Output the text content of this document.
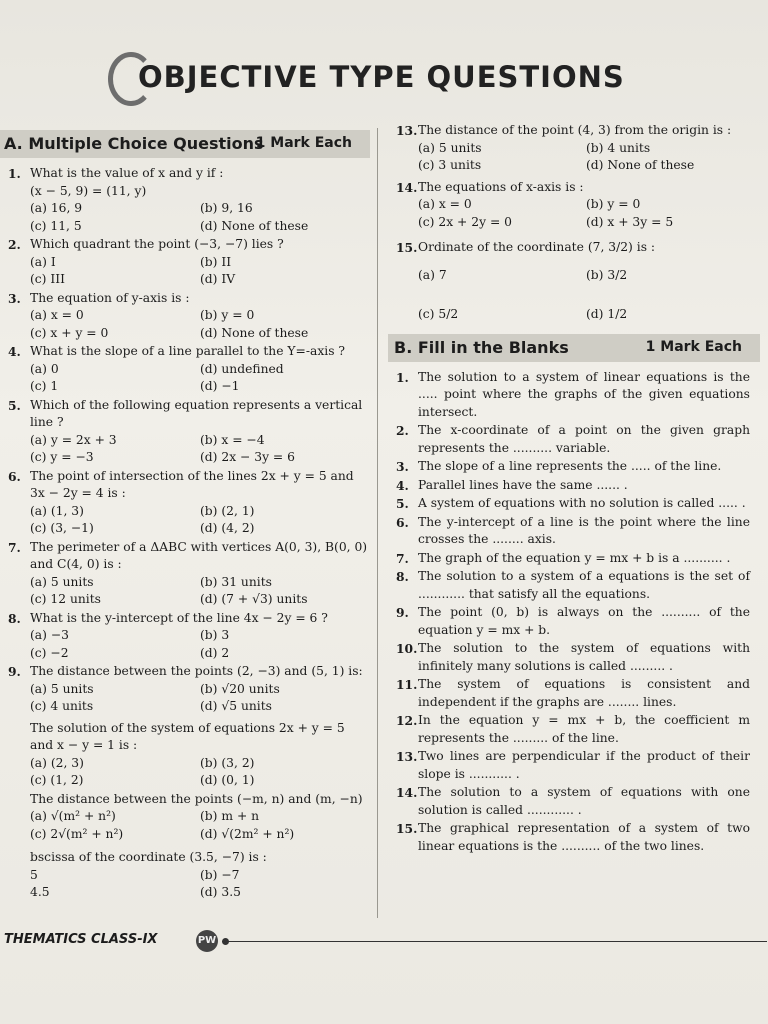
OBJECTIVE TYPE QUESTIONS
A. Multiple Choice Questions
1 Mark Each
1. What is the value of x and y if :
(x − 5, 9) = (11, y)
(a) 16, 9	(b) 9, 16
(c) 11, 5	(d) None of these
2. Which quadrant the point (−3, −7) lies ?
(a) I	(b) II
(c) III	(d) IV
3. The equation of y-axis is :
(a) x = 0	(b) y = 0
(c) x + y = 0	(d) None of these
4. What is the slope of a line parallel to the Y=-axis ?
(a) 0	(d) undefined
(c) 1	(d) −1
5. Which of the following equation represents a vertical line ?
(a) y = 2x + 3	(b) x = −4
(c) y = −3	(d) 2x − 3y = 6
6. The point of intersection of the lines 2x + y = 5 and 3x − 2y = 4 is :
(a) (1, 3)	(b) (2, 1)
(c) (3, −1)	(d) (4, 2)
7. The perimeter of a ΔABC with vertices A(0, 3), B(0, 0) and C(4, 0) is :
(a) 5 units	(b) 31 units
(c) 12 units	(d) (7 + √3) units
8. What is the y-intercept of the line 4x − 2y = 6 ?
(a) −3	(b) 3
(c) −2	(d) 2
9. The distance between the points (2, −3) and (5, 1) is:
(a) 5 units	(b) √20 units
(c) 4 units	(d) √5 units
The solution of the system of equations 2x + y = 5 and x − y = 1 is :
(a) (2, 3)	(b) (3, 2)
(c) (1, 2)	(d) (0, 1)
The distance between the points (−m, n) and (m, −n)
(a) √(m² + n²)	(b) m + n
(c) 2√(m² + n²)	(d) √(2m² + n²)
bscissa of the coordinate (3.5, −7) is :
5	(b) −7
4.5	(d) 3.5
13. The distance of the point (4, 3) from the origin is :
(a) 5 units	(b) 4 units
(c) 3 units	(d) None of these
14. The equations of x-axis is :
(a) x = 0	(b) y = 0
(c) 2x + 2y = 0	(d) x + 3y = 5
15. Ordinate of the coordinate (7, 3/2) is :
(a) 7	(b) 3/2
(c) 5/2	(d) 1/2
B. Fill in the Blanks	1 Mark Each
1. The solution to a system of linear equations is the ..... point where the graphs of the given equations intersect.
2. The x-coordinate of a point on the given graph represents the .......... variable.
3. The slope of a line represents the ..... of the line.
4. Parallel lines have the same ...... .
5. A system of equations with no solution is called ..... .
6. The y-intercept of a line is the point where the line crosses the ........ axis.
7. The graph of the equation y = mx + b is a .......... .
8. The solution to a system of a equations is the set of ............ that satisfy all the equations.
9. The point (0, b) is always on the .......... of the equation y = mx + b.
10. The solution to the system of equations with infinitely many solutions is called ......... .
11. The system of equations is consistent and independent if the graphs are ........ lines.
12. In the equation y = mx + b, the coefficient m represents the ......... of the line.
13. Two lines are perpendicular if the product of their slope is ........... .
14. The solution to a system of equations with one solution is called ............ .
15. The graphical representation of a system of two linear equations is the .......... of the two lines.
THEMATICS CLASS-IX	PW
